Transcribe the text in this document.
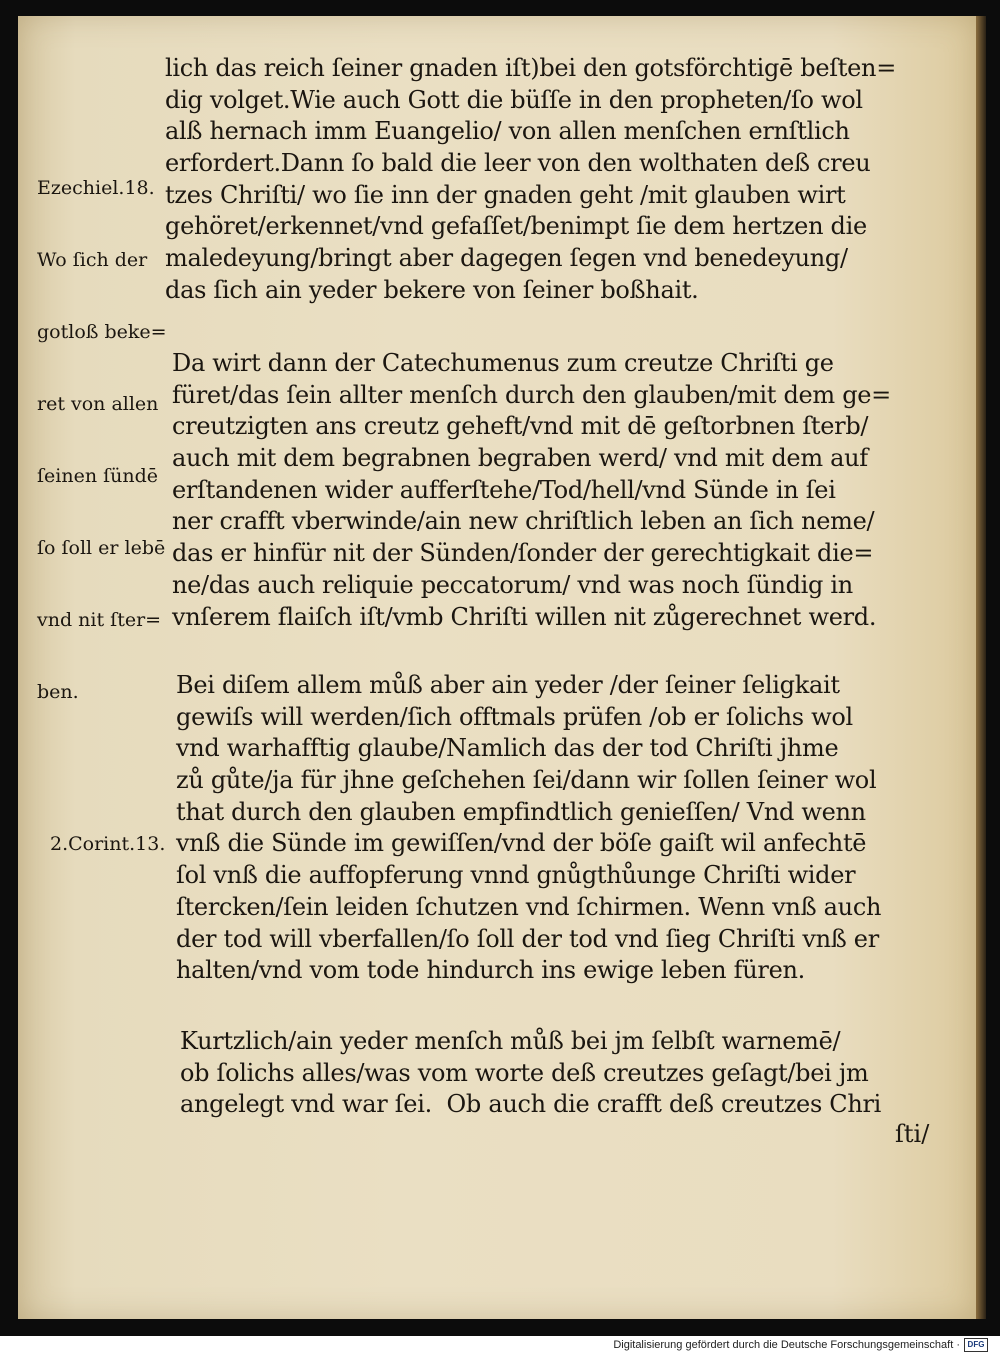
Ezechiel.18.

Wo ſich der

gotloß beke=

ret von allen

ſeinen ſündē

ſo ſoll er lebē

vnd nit ſter=

ben.

2.Corint.13.

lich das reich ſeiner gnaden iſt)bei den gotsförchtigē beſten=
dig volget.Wie auch Gott die büſſe in den propheten/ſo wol
alß hernach imm Euangelio/ von allen menſchen ernſtlich
erfordert.Dann ſo bald die leer von den wolthaten deß creu
tzes Chriſti/ wo ſie inn der gnaden geht /mit glauben wirt
gehöret/erkennet/vnd gefaſſet/benimpt ſie dem hertzen die
maledeyung/bringt aber dagegen ſegen vnd benedeyung/
das ſich ain yeder bekere von ſeiner boßhait.
Da wirt dann der Catechumenus zum creutze Chriſti ge
füret/das ſein allter menſch durch den glauben/mit dem ge=
creutzigten ans creutz geheft/vnd mit dē geſtorbnen ſterb/
auch mit dem begrabnen begraben werd/ vnd mit dem auf
erſtandenen wider aufferſtehe/Tod/hell/vnd Sünde in ſei
ner crafft vberwinde/ain new chriſtlich leben an ſich neme/
das er hinfür nit der Sünden/ſonder der gerechtigkait die=
ne/das auch reliquie peccatorum/ vnd was noch ſündig in
vnſerem flaiſch iſt/vmb Chriſti willen nit zůgerechnet werd.
Bei diſem allem můß aber ain yeder /der ſeiner ſeligkait
gewiſs will werden/ſich offtmals prüfen /ob er ſolichs wol
vnd warhafftig glaube/Namlich das der tod Chriſti jhme
zů gůte/ja für jhne geſchehen ſei/dann wir ſollen ſeiner wol
that durch den glauben empfindtlich genieſſen/ Vnd wenn
vnß die Sünde im gewiſſen/vnd der böſe gaiſt wil anfechtē
ſol vnß die auffopferung vnnd gnůgthůunge Chriſti wider
ſtercken/ſein leiden ſchutzen vnd ſchirmen. Wenn vnß auch
der tod will vberfallen/ſo ſoll der tod vnd ſieg Chriſti vnß er
halten/vnd vom tode hindurch ins ewige leben füren.
Kurtzlich/ain yeder menſch můß bei jm ſelbſt warnemē/
ob ſolichs alles/was vom worte deß creutzes geſagt/bei jm
angelegt vnd war ſei.  Ob auch die crafft deß creutzes Chri
ſti/
Digitalisierung gefördert durch die Deutsche Forschungsgemeinschaft · DFG
